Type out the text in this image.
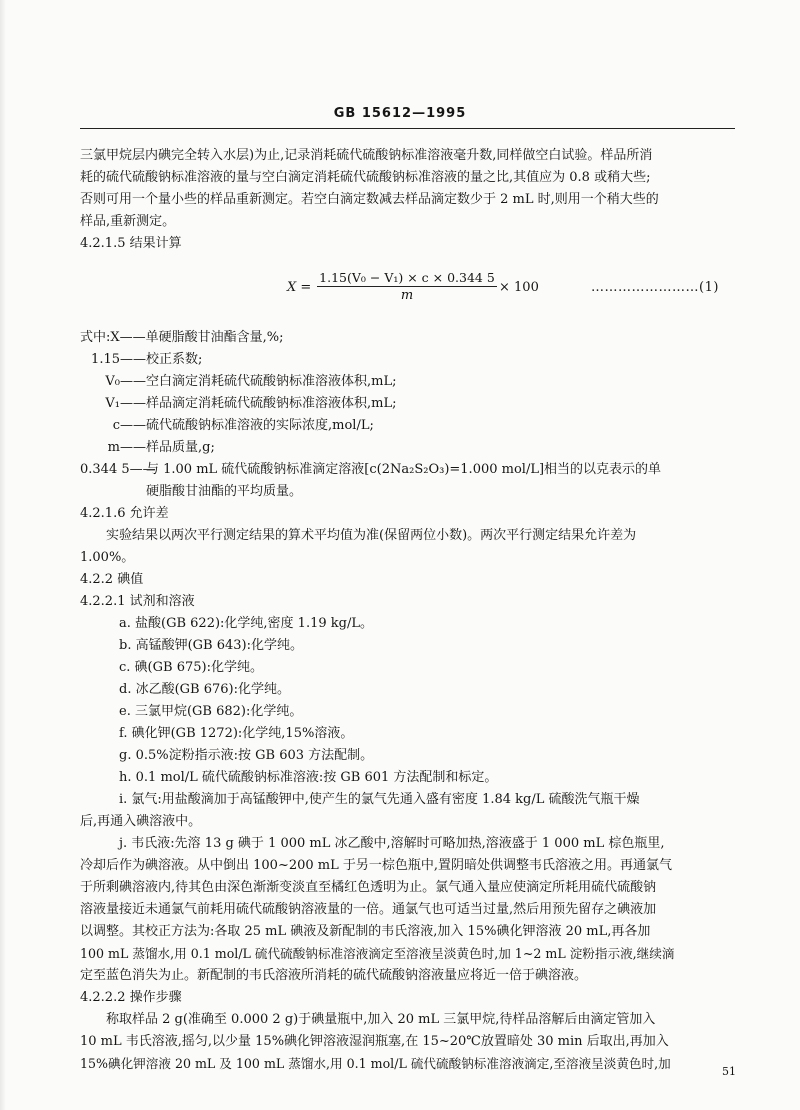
GB 15612—1995
三氯甲烷层内碘完全转入水层)为止,记录消耗硫代硫酸钠标准溶液毫升数,同样做空白试验。样品所消
耗的硫代硫酸钠标准溶液的量与空白滴定消耗硫代硫酸钠标准溶液的量之比,其值应为 0.8 或稍大些;
否则可用一个量小些的样品重新测定。若空白滴定数减去样品滴定数少于 2 mL 时,则用一个稍大些的
样品,重新测定。
4.2.1.5 结果计算
$X = \frac{\text{1.15(V₀ − V₁) × c × 0.344 5}}{m} \times 100$	……………………(1)
式中:X——单硬脂酸甘油酯含量,%;
1.15——校正系数;
V₀——空白滴定消耗硫代硫酸钠标准溶液体积,mL;
V₁——样品滴定消耗硫代硫酸钠标准溶液体积,mL;
c——硫代硫酸钠标准溶液的实际浓度,mol/L;
m——样品质量,g;
0.344 5——与 1.00 mL 硫代硫酸钠标准滴定溶液[c(2Na₂S₂O₃)=1.000 mol/L]相当的以克表示的单
硬脂酸甘油酯的平均质量。
4.2.1.6 允许差
实验结果以两次平行测定结果的算术平均值为准(保留两位小数)。两次平行测定结果允许差为
1.00%。
4.2.2 碘值
4.2.2.1 试剂和溶液
a. 盐酸(GB 622):化学纯,密度 1.19 kg/L。
b. 高锰酸钾(GB 643):化学纯。
c. 碘(GB 675):化学纯。
d. 冰乙酸(GB 676):化学纯。
e. 三氯甲烷(GB 682):化学纯。
f. 碘化钾(GB 1272):化学纯,15%溶液。
g. 0.5%淀粉指示液:按 GB 603 方法配制。
h. 0.1 mol/L 硫代硫酸钠标准溶液:按 GB 601 方法配制和标定。
i. 氯气:用盐酸滴加于高锰酸钾中,使产生的氯气先通入盛有密度 1.84 kg/L 硫酸洗气瓶干燥
后,再通入碘溶液中。
j. 韦氏液:先溶 13 g 碘于 1 000 mL 冰乙酸中,溶解时可略加热,溶液盛于 1 000 mL 棕色瓶里,
冷却后作为碘溶液。从中倒出 100~200 mL 于另一棕色瓶中,置阴暗处供调整韦氏溶液之用。再通氯气
于所剩碘溶液内,待其色由深色渐渐变淡直至橘红色透明为止。氯气通入量应使滴定所耗用硫代硫酸钠
溶液量接近未通氯气前耗用硫代硫酸钠溶液量的一倍。通氯气也可适当过量,然后用预先留存之碘液加
以调整。其校正方法为:各取 25 mL 碘液及新配制的韦氏溶液,加入 15%碘化钾溶液 20 mL,再各加
100 mL 蒸馏水,用 0.1 mol/L 硫代硫酸钠标准溶液滴定至溶液呈淡黄色时,加 1~2 mL 淀粉指示液,继续滴
定至蓝色消失为止。新配制的韦氏溶液所消耗的硫代硫酸钠溶液量应将近一倍于碘溶液。
4.2.2.2 操作步骤
称取样品 2 g(准确至 0.000 2 g)于碘量瓶中,加入 20 mL 三氯甲烷,待样品溶解后由滴定管加入
10 mL 韦氏溶液,摇匀,以少量 15%碘化钾溶液湿润瓶塞,在 15~20℃放置暗处 30 min 后取出,再加入
15%碘化钾溶液 20 mL 及 100 mL 蒸馏水,用 0.1 mol/L 硫代硫酸钠标准溶液滴定,至溶液呈淡黄色时,加
51
